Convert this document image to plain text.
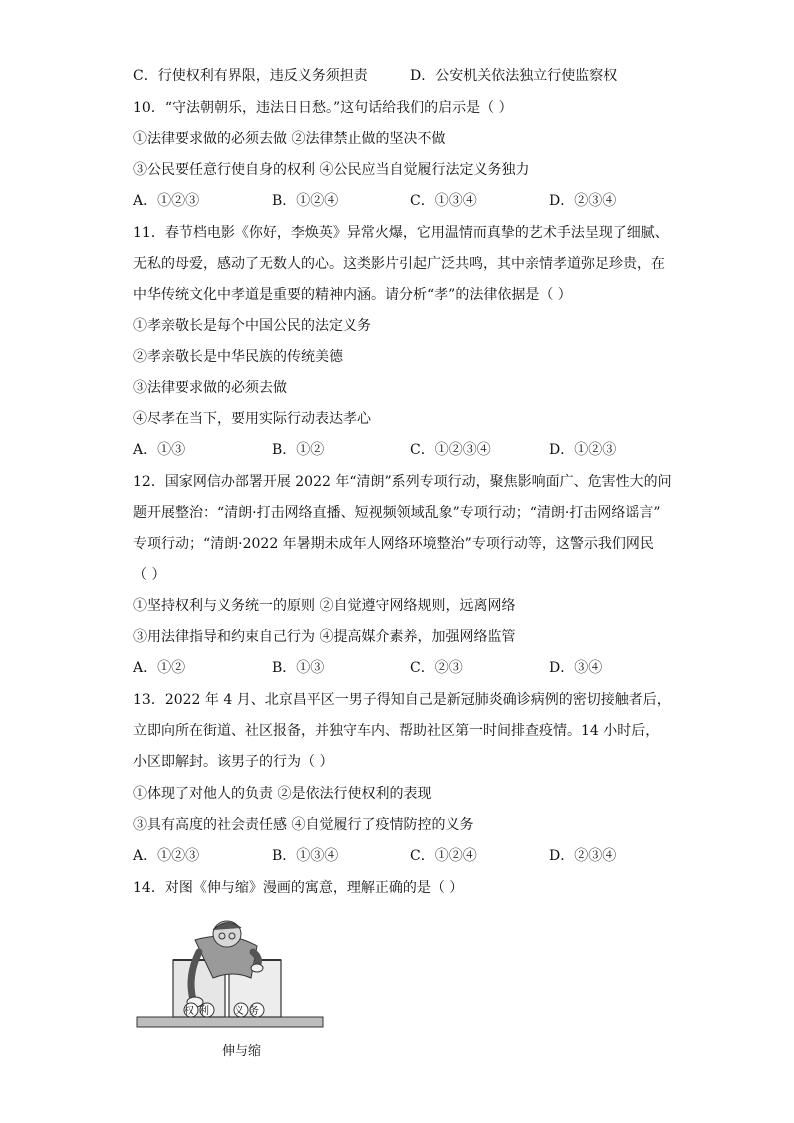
C．行使权利有界限，违反义务须担责	D．公安机关依法独立行使监察权
10．“守法朝朝乐，违法日日愁。”这句话给我们的启示是（ ）
①法律要求做的必须去做 ②法律禁止做的坚决不做
③公民要任意行使自身的权利 ④公民应当自觉履行法定义务独力
A．①②③	B．①②④	C．①③④	D．②③④
11．春节档电影《你好，李焕英》异常火爆，它用温情而真挚的艺术手法呈现了细腻、
无私的母爱，感动了无数人的心。这类影片引起广泛共鸣，其中亲情孝道弥足珍贵，在
中华传统文化中孝道是重要的精神内涵。请分析“孝”的法律依据是（ ）
①孝亲敬长是每个中国公民的法定义务
②孝亲敬长是中华民族的传统美德
③法律要求做的必须去做
④尽孝在当下，要用实际行动表达孝心
A．①③	B．①②	C．①②③④	D．①②③
12．国家网信办部署开展 2022 年“清朗”系列专项行动，聚焦影响面广、危害性大的问
题开展整治：“清朗·打击网络直播、短视频领域乱象”专项行动；“清朗·打击网络谣言”
专项行动；“清朗·2022 年暑期未成年人网络环境整治”专项行动等，这警示我们网民
（ ）
①坚持权利与义务统一的原则 ②自觉遵守网络规则，远离网络
③用法律指导和约束自己行为 ④提高媒介素养，加强网络监管
A．①②	B．①③	C．②③	D．③④
13．2022 年 4 月、北京昌平区一男子得知自己是新冠肺炎确诊病例的密切接触者后，
立即向所在街道、社区报备，并独守车内、帮助社区第一时间排查疫情。14 小时后，
小区即解封。该男子的行为（ ）
①体现了对他人的负责 ②是依法行使权利的表现
③具有高度的社会责任感 ④自觉履行了疫情防控的义务
A．①②③	B．①③④	C．①②④	D．②③④
14．对图《伸与缩》漫画的寓意，理解正确的是（ ）
权利 义务
伸与缩
